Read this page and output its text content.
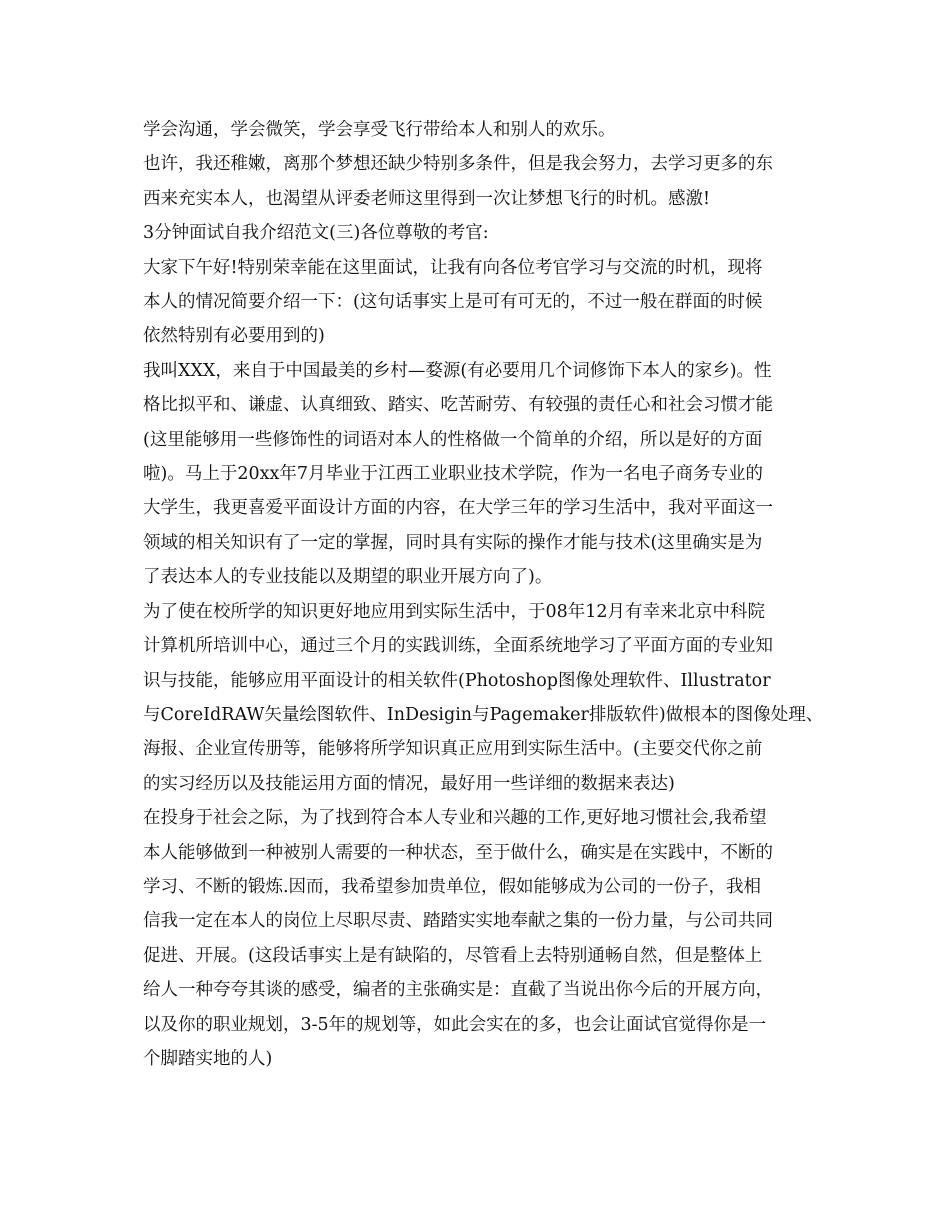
学会沟通，学会微笑，学会享受飞行带给本人和别人的欢乐。
也许，我还稚嫩，离那个梦想还缺少特别多条件，但是我会努力，去学习更多的东
西来充实本人，也渴望从评委老师这里得到一次让梦想飞行的时机。感激!
3分钟面试自我介绍范文(三)各位尊敬的考官:
大家下午好!特别荣幸能在这里面试，让我有向各位考官学习与交流的时机，现将
本人的情况简要介绍一下：(这句话事实上是可有可无的，不过一般在群面的时候
依然特别有必要用到的)
我叫XXX，来自于中国最美的乡村—婺源(有必要用几个词修饰下本人的家乡)。性
格比拟平和、谦虚、认真细致、踏实、吃苦耐劳、有较强的责任心和社会习惯才能
(这里能够用一些修饰性的词语对本人的性格做一个简单的介绍，所以是好的方面
啦)。马上于20xx年7月毕业于江西工业职业技术学院，作为一名电子商务专业的
大学生，我更喜爱平面设计方面的内容，在大学三年的学习生活中，我对平面这一
领域的相关知识有了一定的掌握，同时具有实际的操作才能与技术(这里确实是为
了表达本人的专业技能以及期望的职业开展方向了)。
为了使在校所学的知识更好地应用到实际生活中，于08年12月有幸来北京中科院
计算机所培训中心，通过三个月的实践训练，全面系统地学习了平面方面的专业知
识与技能，能够应用平面设计的相关软件(Photoshop图像处理软件、Illustrator
与CoreIdRAW矢量绘图软件、InDesigin与Pagemaker排版软件)做根本的图像处理、
海报、企业宣传册等，能够将所学知识真正应用到实际生活中。(主要交代你之前
的实习经历以及技能运用方面的情况，最好用一些详细的数据来表达)
在投身于社会之际，为了找到符合本人专业和兴趣的工作,更好地习惯社会,我希望
本人能够做到一种被别人需要的一种状态，至于做什么，确实是在实践中，不断的
学习、不断的锻炼.因而，我希望参加贵单位，假如能够成为公司的一份子，我相
信我一定在本人的岗位上尽职尽责、踏踏实实地奉献之集的一份力量，与公司共同
促进、开展。(这段话事实上是有缺陷的，尽管看上去特别通畅自然，但是整体上
给人一种夸夸其谈的感受，编者的主张确实是：直截了当说出你今后的开展方向，
以及你的职业规划，3-5年的规划等，如此会实在的多，也会让面试官觉得你是一
个脚踏实地的人)
